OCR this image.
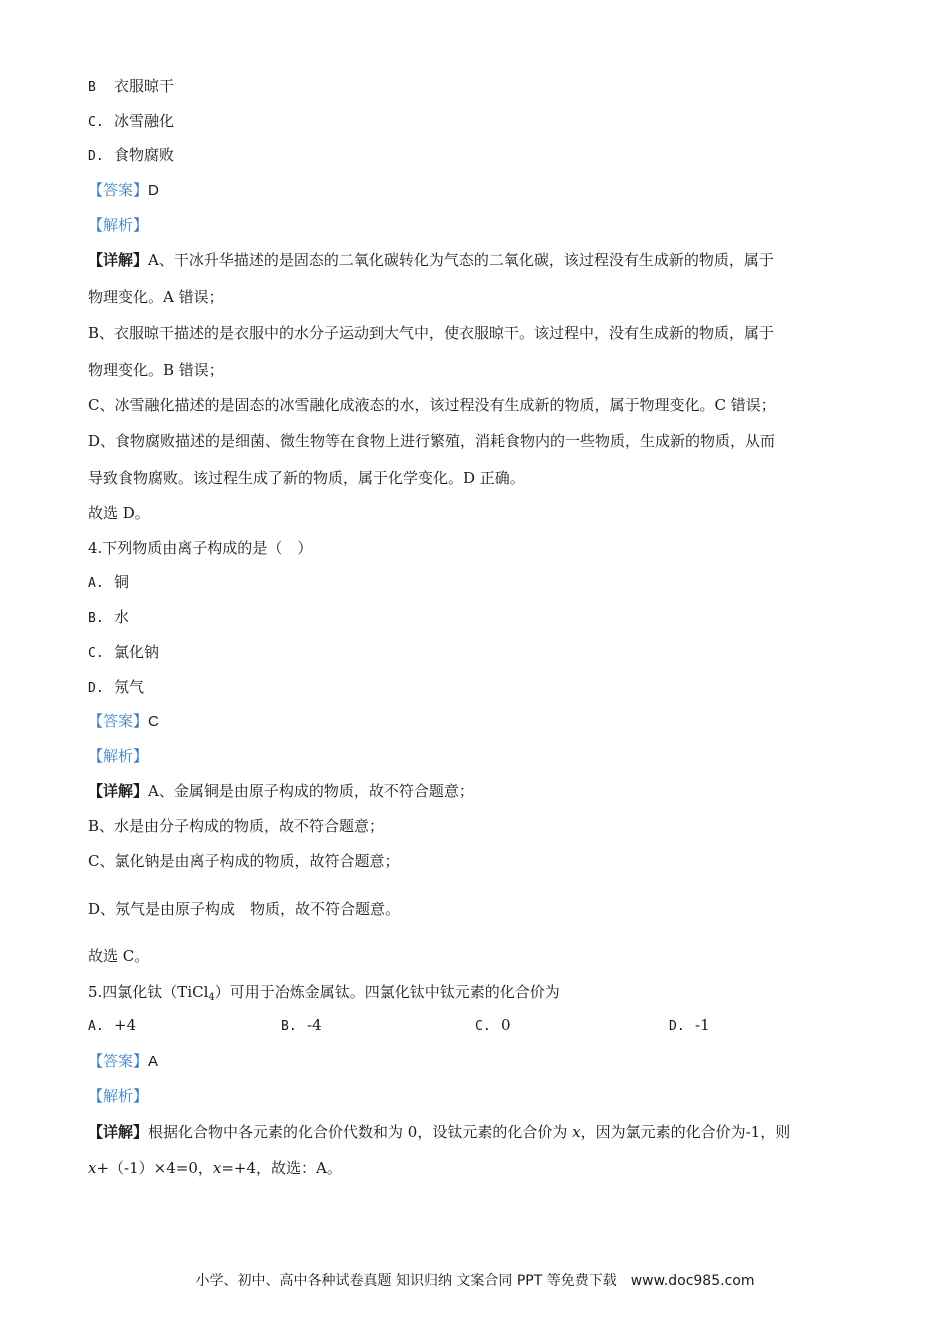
B 衣服晾干
C. 冰雪融化
D. 食物腐败
【答案】D
【解析】
【详解】A、干冰升华描述的是固态的二氧化碳转化为气态的二氧化碳，该过程没有生成新的物质，属于
物理变化。A 错误；
B、衣服晾干描述的是衣服中的水分子运动到大气中，使衣服晾干。该过程中，没有生成新的物质，属于
物理变化。B 错误；
C、冰雪融化描述的是固态的冰雪融化成液态的水，该过程没有生成新的物质，属于物理变化。C 错误；
D、食物腐败描述的是细菌、微生物等在食物上进行繁殖，消耗食物内的一些物质，生成新的物质，从而
导致食物腐败。该过程生成了新的物质，属于化学变化。D 正确。
故选 D。
4.下列物质由离子构成的是（　）
A. 铜
B. 水
C. 氯化钠
D. 氖气
【答案】C
【解析】
【详解】A、金属铜是由原子构成的物质，故不符合题意；
B、水是由分子构成的物质，故不符合题意；
C、氯化钠是由离子构成的物质，故符合题意；
D、氖气是由原子构成　物质，故不符合题意。
故选 C。
5.四氯化钛（TiCl$_4$）可用于冶炼金属钛。四氯化钛中钛元素的化合价为
A. +4	B. -4	C. 0	D. -1
【答案】A
【解析】
【详解】根据化合物中各元素的化合价代数和为 0，设钛元素的化合价为 x，因为氯元素的化合价为-1，则
x+（-1）×4=0，x=+4，故选：A。
小学、初中、高中各种试卷真题 知识归纳 文案合同 PPT 等免费下载　www.doc985.com
